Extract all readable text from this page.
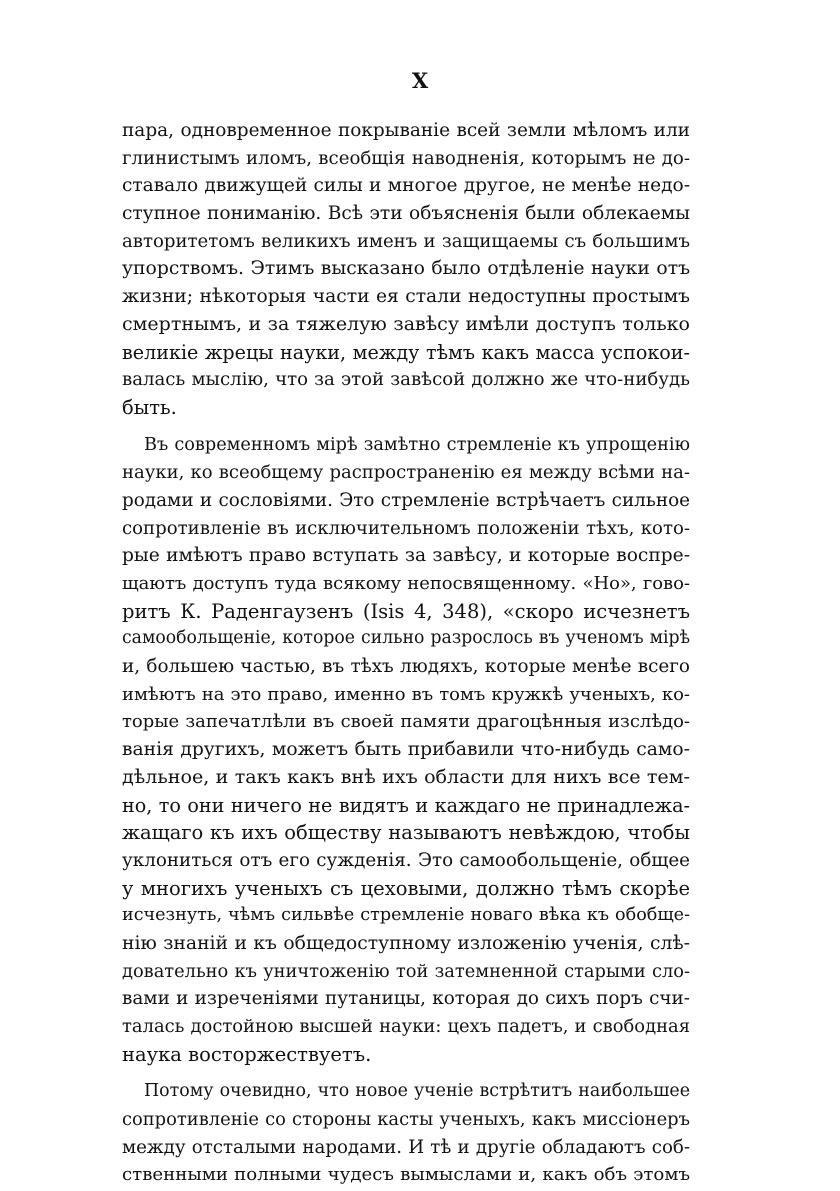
X
пара, одновременное покрыванiе всей земли мѣломъ или
глинистымъ иломъ, всеобщiя наводненiя, которымъ не до-
ставало движущей силы и многое другое, не менѣе недо-
ступное пониманiю. Всѣ эти объясненiя были облекаемы
авторитетомъ великихъ именъ и защищаемы съ большимъ
упорствомъ. Этимъ высказано было отдѣленiе науки отъ
жизни; нѣкоторыя части ея стали недоступны простымъ
смертнымъ, и за тяжелую завѣсу имѣли доступъ только
великiе жрецы науки, между тѣмъ какъ масса успокои-
валась мыслiю, что за этой завѣсой должно же что-нибудь
быть.
Въ современномъ мiрѣ замѣтно стремленiе къ упрощенiю
науки, ко всеобщему распространенiю ея между всѣми на-
родами и сословiями. Это стремленiе встрѣчаетъ сильное
сопротивленiе въ исключительномъ положенiи тѣхъ, кото-
рые имѣютъ право вступать за завѣсу, и которые воспре-
щаютъ доступъ туда всякому непосвященному. «Но», гово-
ритъ К. Раденгаузенъ (Isis 4, 348), «скоро исчезнетъ
самообольщенiе, которое сильно разрослось въ ученомъ мiрѣ
и, большею частью, въ тѣхъ людяхъ, которые менѣе всего
имѣютъ на это право, именно въ томъ кружкѣ ученыхъ, ко-
торые запечатлѣли въ своей памяти драгоцѣнныя изслѣдо-
ванiя другихъ, можетъ быть прибавили что-нибудь само-
дѣльное, и такъ какъ внѣ ихъ области для нихъ все тем-
но, то они ничего не видятъ и каждаго не принадлежа-
жащаго къ ихъ обществу называютъ невѣждою, чтобы
уклониться отъ его сужденiя. Это самообольщенiе, общее
у многихъ ученыхъ съ цеховыми, должно тѣмъ скорѣе
исчезнуть, чѣмъ сильвѣе стремленiе новаго вѣка къ обобще-
нiю знанiй и къ общедоступному изложенiю ученiя, слѣ-
довательно къ уничтоженiю той затемненной старыми сло-
вами и изреченiями путаницы, которая до сихъ поръ счи-
талась достойною высшей науки: цехъ падетъ, и свободная
наука восторжествуетъ.
Потому очевидно, что новое ученiе встрѣтитъ наибольшее
сопротивленiе со стороны касты ученыхъ, какъ миссiонеръ
между отсталыми народами. И тѣ и другiе обладаютъ соб-
ственными полными чудесъ вымыслами и, какъ объ этомъ
